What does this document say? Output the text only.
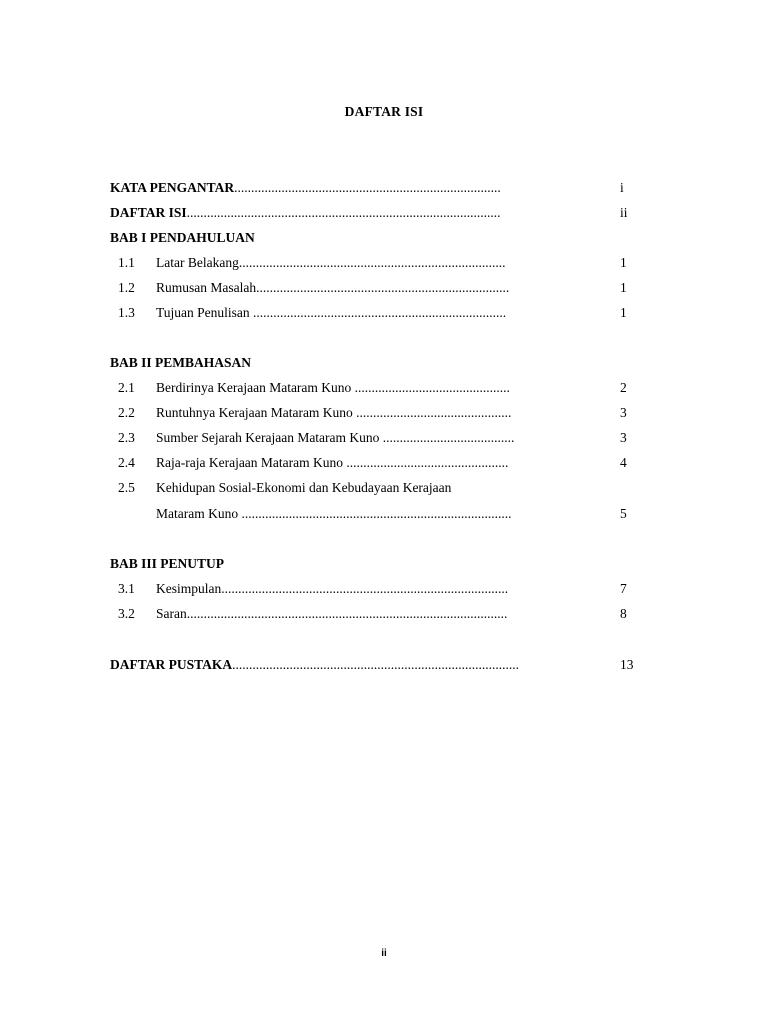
DAFTAR ISI
KATA PENGANTAR...............................................................................	i
DAFTAR ISI.............................................................................................	ii
BAB I PENDAHULUAN
1.1 Latar Belakang...............................................................................	1
1.2 Rumusan Masalah...........................................................................	1
1.3 Tujuan Penulisan ...........................................................................	1
BAB II PEMBAHASAN
2.1 Berdirinya Kerajaan Mataram Kuno ..............................................	2
2.2 Runtuhnya Kerajaan Mataram Kuno ..............................................	3
2.3 Sumber Sejarah Kerajaan Mataram Kuno .......................................	3
2.4 Raja-raja Kerajaan Mataram Kuno ................................................	4
2.5 Kehidupan Sosial-Ekonomi dan Kebudayaan Kerajaan
Mataram Kuno ................................................................................	5
BAB III PENUTUP
3.1 Kesimpulan.....................................................................................	7
3.2 Saran...............................................................................................	8
DAFTAR PUSTAKA.....................................................................................	13
ii
